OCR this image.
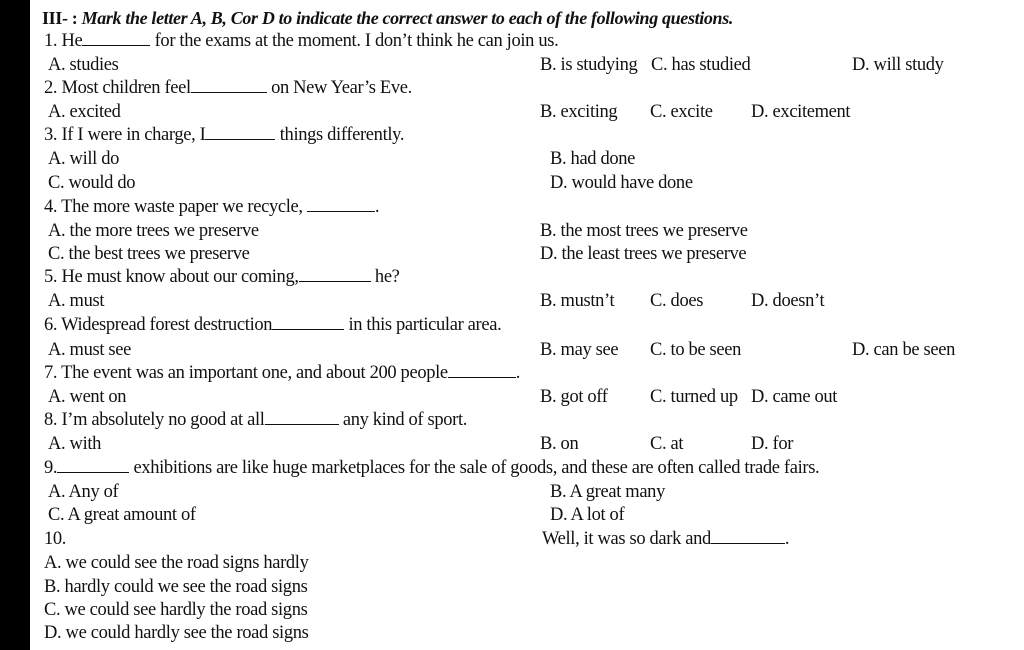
III- : Mark the letter A, B, Cor D to indicate the correct answer to each of the following questions.
1. He	for the exams at the moment. I don’t think he can join us.
A. studies	B. is studying C. has studied	D. will study
2. Most children feel	on New Year’s Eve.
A. excited	B. exciting C. excite D. excitement
3. If I were in charge, I	things differently.
A. will do	B. had done
C. would do	D. would have done
4. The more waste paper we recycle,	.
A. the more trees we preserve	B. the most trees we preserve
C. the best trees we preserve	D. the least trees we preserve
5. He must know about our coming,	he?
A. must	B. mustn’t C. does	D. doesn’t
6. Widespread forest destruction	in this particular area.
A. must see	B. may see C. to be seen	D. can be seen
7. The event was an important one, and about 200 people	.
A. went on	B. got off C. turned up D. came out
8. I’m absolutely no good at all	any kind of sport.
A. with	B. on	C. at	D. for
9.	exhibitions are like huge marketplaces for the sale of goods, and these are often called trade fairs.
A. Any of	B. A great many
C. A great amount of	D. A lot of
10.	Well, it was so dark and	.
A. we could see the road signs hardly
B. hardly could we see the road signs
C. we could see hardly the road signs
D. we could hardly see the road signs
